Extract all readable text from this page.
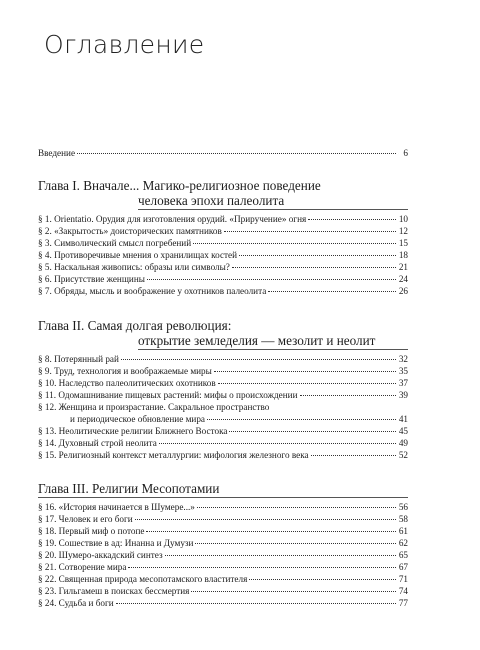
Оглавление
Введение	6
Глава I. Вначале... Магико-религиозное поведение
человека эпохи палеолита
§ 1. Orientatio. Орудия для изготовления орудий. «Приручение» огня	10
§ 2. «Закрытость» доисторических памятников	12
§ 3. Символический смысл погребений	15
§ 4. Противоречивые мнения о хранилищах костей	18
§ 5. Наскальная живопись: образы или символы?	21
§ 6. Присутствие женщины	24
§ 7. Обряды, мысль и воображение у охотников палеолита	26
Глава II. Самая долгая революция:
открытие земледелия — мезолит и неолит
§ 8. Потерянный рай	32
§ 9. Труд, технология и воображаемые миры	35
§ 10. Наследство палеолитических охотников	37
§ 11. Одомашнивание пищевых растений: мифы о происхождении	39
§ 12. Женщина и произрастание. Сакральное пространство
и периодическое обновление мира	41
§ 13. Неолитические религии Ближнего Востока	45
§ 14. Духовный строй неолита	49
§ 15. Религиозный контекст металлургии: мифология железного века	52
Глава III. Религии Месопотамии
§ 16. «История начинается в Шумере...»	56
§ 17. Человек и его боги	58
§ 18. Первый миф о потопе	61
§ 19. Сошествие в ад: Инанна и Думузи	62
§ 20. Шумеро-аккадский синтез	65
§ 21. Сотворение мира	67
§ 22. Священная природа месопотамского властителя	71
§ 23. Гильгамеш в поисках бессмертия	74
§ 24. Судьба и боги	77
